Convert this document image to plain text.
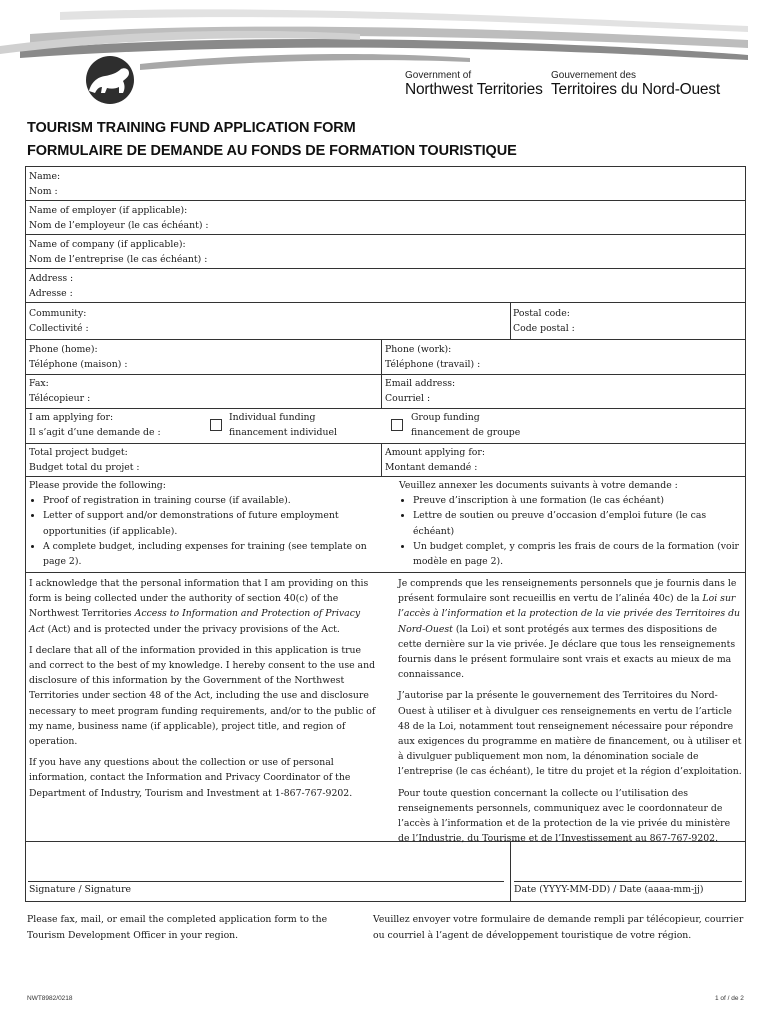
Government of
Northwest Territories
Gouvernement des
Territoires du Nord-Ouest
TOURISM TRAINING FUND APPLICATION FORM
FORMULAIRE DE DEMANDE AU FONDS DE FORMATION TOURISTIQUE
Name:
Nom :
Name of employer (if applicable):
Nom de l’employeur (le cas échéant) :
Name of company (if applicable):
Nom de l’entreprise (le cas échéant) :
Address :
Adresse :
Community:
Collectivité :
Postal code:
Code postal :
Phone (home):
Téléphone (maison) :
Phone (work):
Téléphone (travail) :
Fax:
Télécopieur :
Email address:
Courriel :
I am applying for:
Il s’agit d’une demande de :
Individual funding
financement individuel
Group funding
financement de groupe
Total project budget:
Budget total du projet :
Amount applying for:
Montant demandé :
Please provide the following:
• Proof of registration in training course (if available).
• Letter of support and/or demonstrations of future employment opportunities (if applicable).
• A complete budget, including expenses for training (see template on page 2).
Veuillez annexer les documents suivants à votre demande :
• Preuve d’inscription à une formation (le cas échéant)
• Lettre de soutien ou preuve d’occasion d’emploi future (le cas échéant)
• Un budget complet, y compris les frais de cours de la formation (voir modèle en page 2).

I acknowledge that the personal information that I am providing on this form is being collected under the authority of section 40(c) of the Northwest Territories Access to Information and Protection of Privacy Act (Act) and is protected under the privacy provisions of the Act.

I declare that all of the information provided in this application is true and correct to the best of my knowledge. I hereby consent to the use and disclosure of this information by the Government of the Northwest Territories under section 48 of the Act, including the use and disclosure necessary to meet program funding requirements, and/or to the public of my name, business name (if applicable), project title, and region of operation.

If you have any questions about the collection or use of personal information, contact the Information and Privacy Coordinator of the Department of Industry, Tourism and Investment at 1-867-767-9202.

Je comprends que les renseignements personnels que je fournis dans le présent formulaire sont recueillis en vertu de l’alinéa 40c) de la Loi sur l’accès à l’information et la protection de la vie privée des Territoires du Nord-Ouest (la Loi) et sont protégés aux termes des dispositions de cette dernière sur la vie privée. Je déclare que tous les renseignements fournis dans le présent formulaire sont vrais et exacts au mieux de ma connaissance.

J’autorise par la présente le gouvernement des Territoires du Nord-Ouest à utiliser et à divulguer ces renseignements en vertu de l’article 48 de la Loi, notamment tout renseignement nécessaire pour répondre aux exigences du programme en matière de financement, ou à utiliser et à divulguer publiquement mon nom, la dénomination sociale de l’entreprise (le cas échéant), le titre du projet et la région d’exploitation.

Pour toute question concernant la collecte ou l’utilisation des renseignements personnels, communiquez avec le coordonnateur de l’accès à l’information et de la protection de la vie privée du ministère de l’Industrie, du Tourisme et de l’Investissement au 867-767-9202.

Signature / Signature	Date (YYYY-MM-DD) / Date (aaaa-mm-jj)
Please fax, mail, or email the completed application form to the Tourism Development Officer in your region.
Veuillez envoyer votre formulaire de demande rempli par télécopieur, courrier ou courriel à l’agent de développement touristique de votre région.
NWT8982/0218	1 of / de 2
